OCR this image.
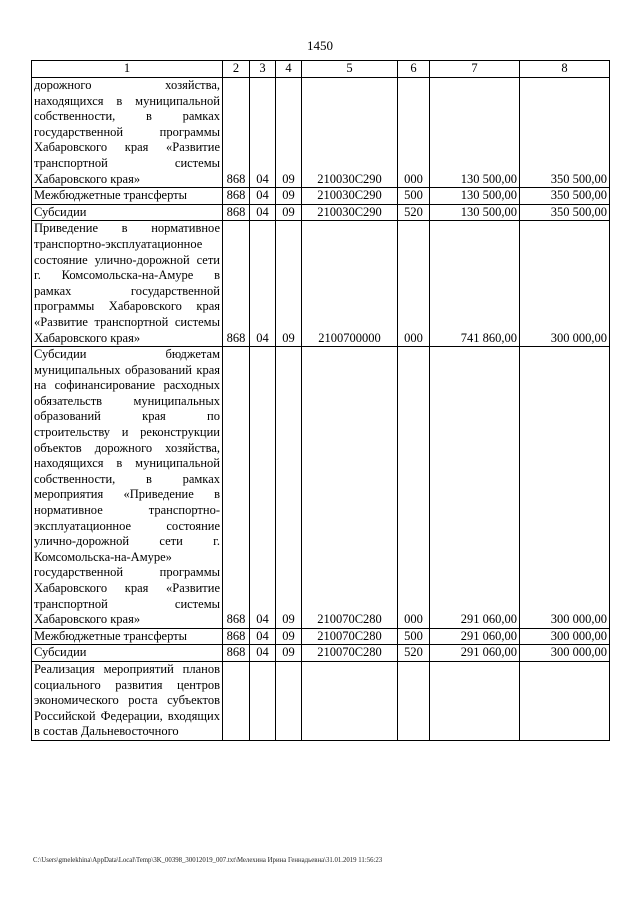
1450
1	2	3	4	5	6	7	8
дорожного хозяйства, находящихся в муниципальной собственности, в рамках государственной программы Хабаровского края «Развитие транспортной системы Хабаровского края»	868	04	09	210030С290	000	130 500,00	350 500,00
Межбюджетные трансферты	868	04	09	210030С290	500	130 500,00	350 500,00
Субсидии	868	04	09	210030С290	520	130 500,00	350 500,00
Приведение в нормативное транспортно-эксплуатационное состояние улично-дорожной сети г. Комсомольска-на-Амуре в рамках государственной программы Хабаровского края «Развитие транспортной системы Хабаровского края»	868	04	09	2100700000	000	741 860,00	300 000,00
Субсидии бюджетам муниципальных образований края на софинансирование расходных обязательств муниципальных образований края по строительству и реконструкции объектов дорожного хозяйства, находящихся в муниципальной собственности, в рамках мероприятия «Приведение в нормативное транспортно-эксплуатационное состояние улично-дорожной сети г. Комсомольска-на-Амуре» государственной программы Хабаровского края «Развитие транспортной системы Хабаровского края»	868	04	09	210070С280	000	291 060,00	300 000,00
Межбюджетные трансферты	868	04	09	210070С280	500	291 060,00	300 000,00
Субсидии	868	04	09	210070С280	520	291 060,00	300 000,00
Реализация мероприятий планов социального развития центров экономического роста субъектов Российской Федерации, входящих в состав Дальневосточного							
C:\Users\gmelekhina\AppData\Local\Temp\3K_00398_30012019_007.txt\Мелехина Ирина Геннадьевна\31.01.2019 11:56:23
